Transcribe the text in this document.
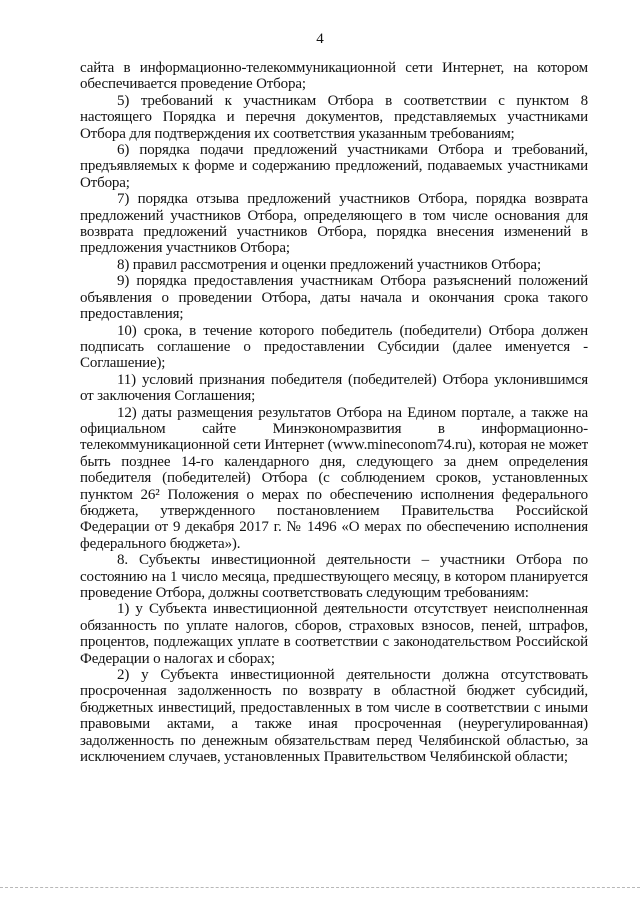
4

сайта в информационно-телекоммуникационной сети Интернет, на котором обеспечивается проведение Отбора;

5) требований к участникам Отбора в соответствии с пунктом 8 настоящего Порядка и перечня документов, представляемых участниками Отбора для подтверждения их соответствия указанным требованиям;

6) порядка подачи предложений участниками Отбора и требований, предъявляемых к форме и содержанию предложений, подаваемых участниками Отбора;

7) порядка отзыва предложений участников Отбора, порядка возврата предложений участников Отбора, определяющего в том числе основания для возврата предложений участников Отбора, порядка внесения изменений в предложения участников Отбора;

8) правил рассмотрения и оценки предложений участников Отбора;

9) порядка предоставления участникам Отбора разъяснений положений объявления о проведении Отбора, даты начала и окончания срока такого предоставления;

10) срока, в течение которого победитель (победители) Отбора должен подписать соглашение о предоставлении Субсидии (далее именуется - Соглашение);

11) условий признания победителя (победителей) Отбора уклонившимся от заключения Соглашения;

12) даты размещения результатов Отбора на Едином портале, а также на официальном сайте Минэкономразвития в информационно-телекоммуникационной сети Интернет (www.mineconom74.ru), которая не может быть позднее 14-го календарного дня, следующего за днем определения победителя (победителей) Отбора (с соблюдением сроков, установленных пунктом 26² Положения о мерах по обеспечению исполнения федерального бюджета, утвержденного постановлением Правительства Российской Федерации от 9 декабря 2017 г. № 1496 «О мерах по обеспечению исполнения федерального бюджета»).

8. Субъекты инвестиционной деятельности – участники Отбора по состоянию на 1 число месяца, предшествующего месяцу, в котором планируется проведение Отбора, должны соответствовать следующим требованиям:

1) у Субъекта инвестиционной деятельности отсутствует неисполненная обязанность по уплате налогов, сборов, страховых взносов, пеней, штрафов, процентов, подлежащих уплате в соответствии с законодательством Российской Федерации о налогах и сборах;

2) у Субъекта инвестиционной деятельности должна отсутствовать просроченная задолженность по возврату в областной бюджет субсидий, бюджетных инвестиций, предоставленных в том числе в соответствии с иными правовыми актами, а также иная просроченная (неурегулированная) задолженность по денежным обязательствам перед Челябинской областью, за исключением случаев, установленных Правительством Челябинской области;
